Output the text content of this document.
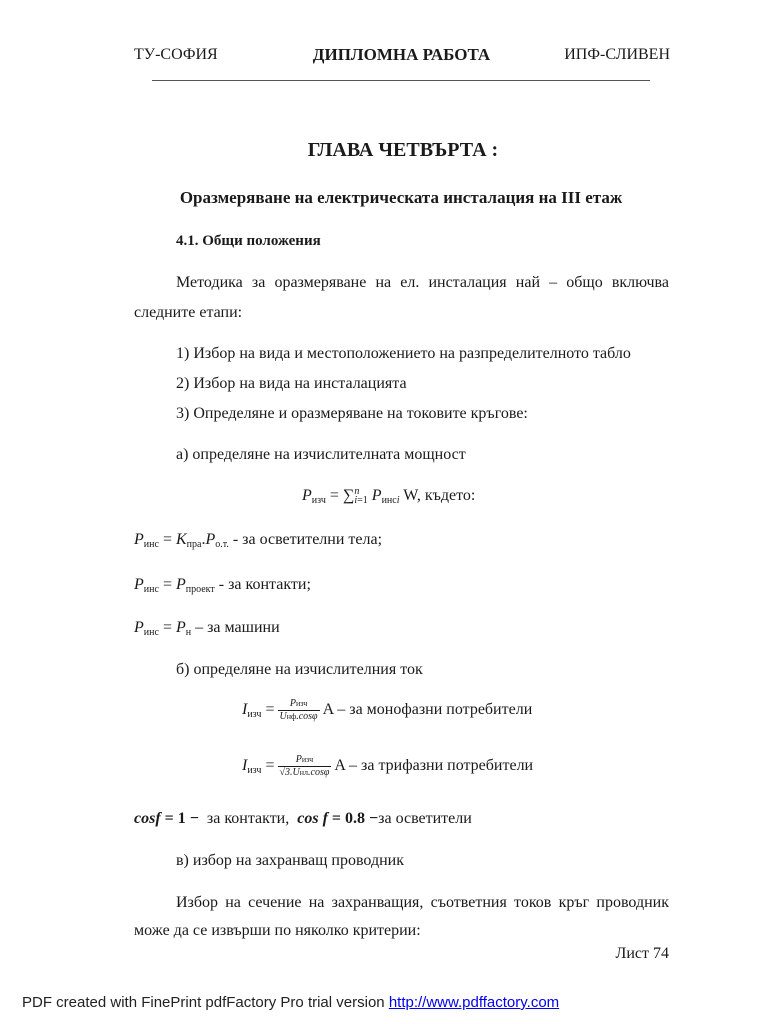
ТУ-СОФИЯ	ДИПЛОМНА РАБОТА	ИПФ-СЛИВЕН
ГЛАВА ЧЕТВЪРТА :
Оразмеряване на електрическата инсталация на III етаж
4.1. Общи положения
Методика за оразмеряване на ел. инсталация най – общо включва
следните етапи:
1) Избор на вида и местоположението на разпределителното табло
2) Избор на вида на инсталацията
3) Определяне и оразмеряване на токовите кръгове:
а) определяне на изчислителната мощност
$P_{изч}$ = ∑ n
i=1 $P_{инсi}$ W, където:
$P_{инс} = K_{пра}.P_{о.т.}$ - за осветителни тела;
$P_{инс} = P_{проект}$ - за контакти;
$P_{инс} = P_н$ – за машини
б) определяне на изчислителния ток
$I_{изч} = \frac{\text{Pизч}}{\text{Uнф.cosφ}}$ A – за монофазни потребители
$I_{изч} = \frac{\text{Pизч}}{\text{√3.Uнл.cosφ}}$ A – за трифазни потребители
cosf = 1 − за контакти, cos f = 0.8 −за осветители
в) избор на захранващ проводник
Избор на сечение на захранващия, съответния токов кръг проводник
може да се извърши по няколко критерии:
Лист 74
PDF created with FinePrint pdfFactory Pro trial version http://www.pdffactory.com
